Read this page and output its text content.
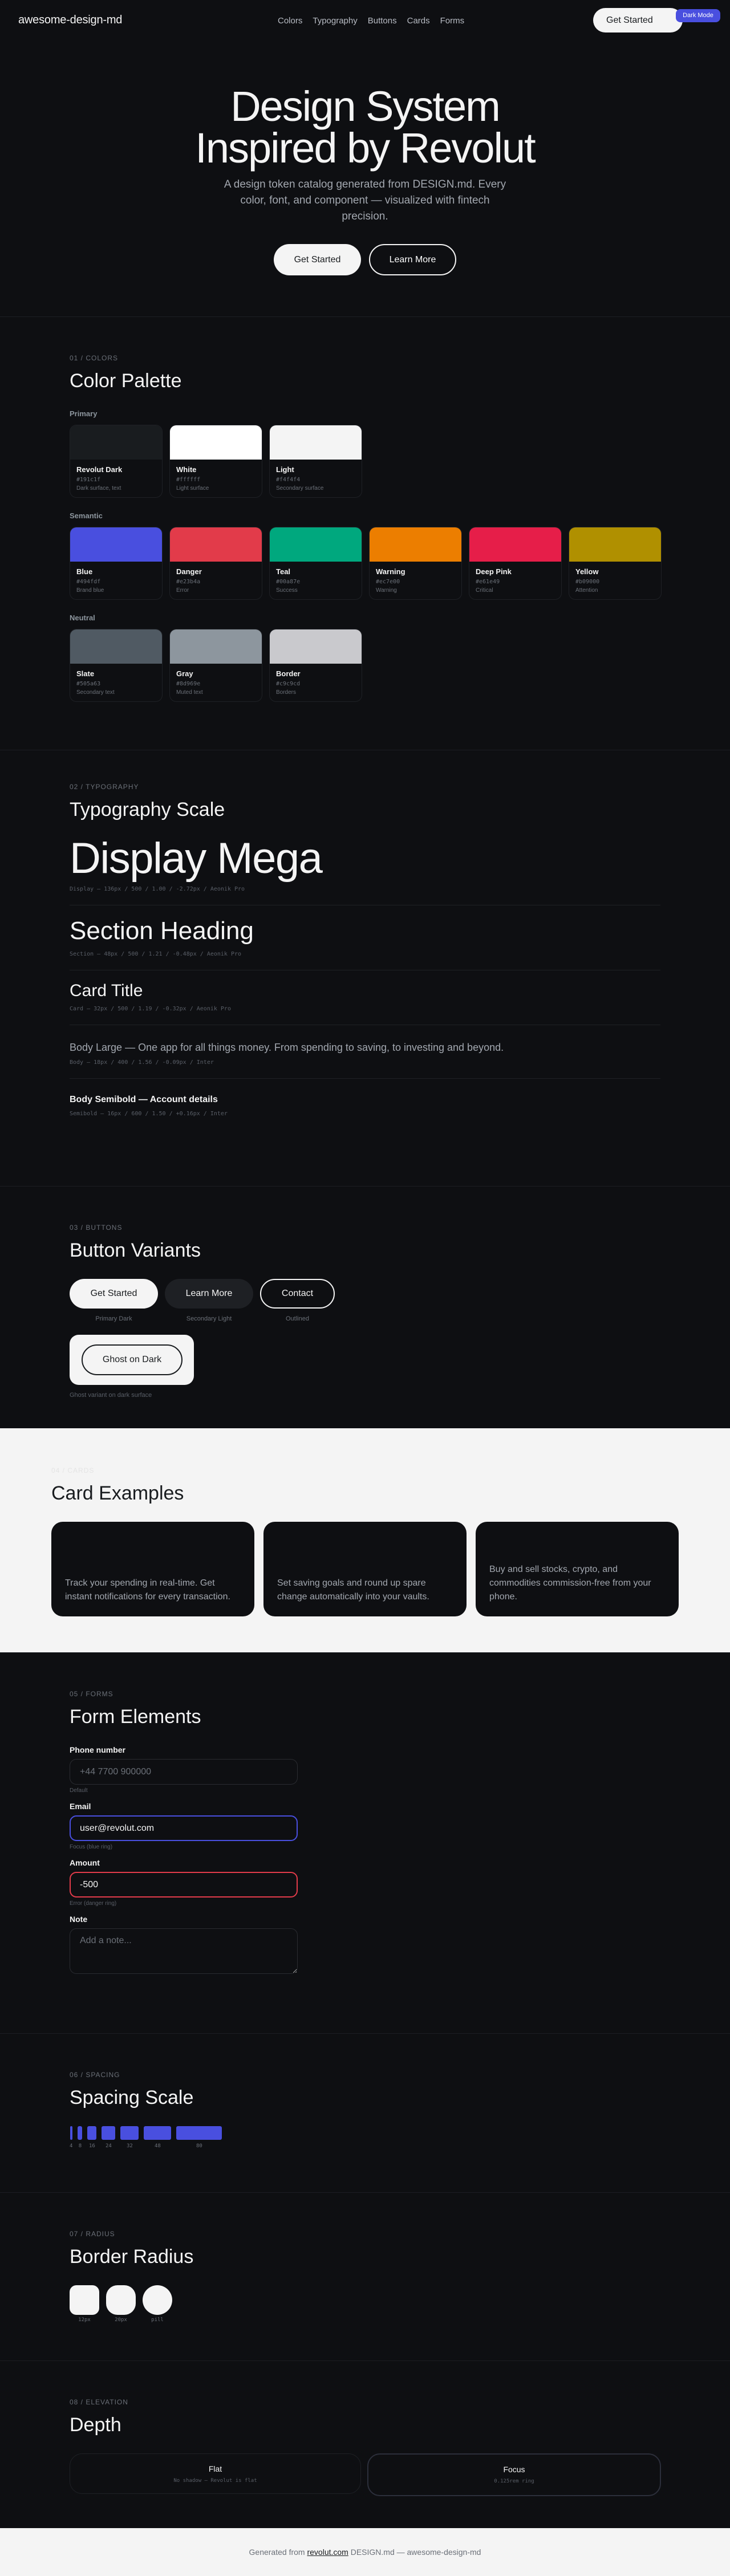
Design System
Inspired by Revolut

A design token catalog generated from DESIGN.md. Every color, font, and component — visualized with fintech precision.

Get Started	Learn More
awesome-design-md	Colors Typography Buttons Cards Forms	Get Started	Dark Mode
01 / COLORS
Color Palette
Primary
Revolut Dark
#191c1f
Dark surface, text
White
#ffffff
Light surface
Light
#f4f4f4
Secondary surface
Semantic
Blue
#494fdf
Brand blue
Danger
#e23b4a
Error
Teal
#00a87e
Success
Warning
#ec7e00
Warning
Deep Pink
#e61e49
Critical
Yellow
#b09000
Attention
Neutral
Slate
#505a63
Secondary text
Gray
#8d969e
Muted text
Border
#c9c9cd
Borders
02 / TYPOGRAPHY
Typography Scale
Display Mega
Display — 136px / 500 / 1.00 / -2.72px / Aeonik Pro
Section Heading
Section — 48px / 500 / 1.21 / -0.48px / Aeonik Pro
Card Title
Card — 32px / 500 / 1.19 / -0.32px / Aeonik Pro
Body Large — One app for all things money. From spending to saving, to investing and beyond.
Body — 18px / 400 / 1.56 / -0.09px / Inter
Body Semibold — Account details
Semibold — 16px / 600 / 1.50 / +0.16px / Inter
03 / BUTTONS
Button Variants
Get Started
Primary Dark
Learn More
Secondary Light
Contact
Outlined
Ghost on Dark
Ghost variant on dark surface
04 / CARDS
Card Examples
Track your spending in real-time. Get instant notifications for every transaction.
Set saving goals and round up spare change automatically into your vaults.
Buy and sell stocks, crypto, and commodities commission-free from your phone.
05 / FORMS
Form Elements
Phone number
+44 7700 900000
Default
Email
user@revolut.com
Focus (blue ring)
Amount
-500
Error (danger ring)
Note
Add a note...
06 / SPACING
Spacing Scale
4 8 16 24	32	48	80
07 / RADIUS
Border Radius
12px	20px	pill
08 / ELEVATION
Depth
Flat
No shadow — Revolut is flat
Focus
0.125rem ring
Generated from revolut.com DESIGN.md — awesome-design-md
